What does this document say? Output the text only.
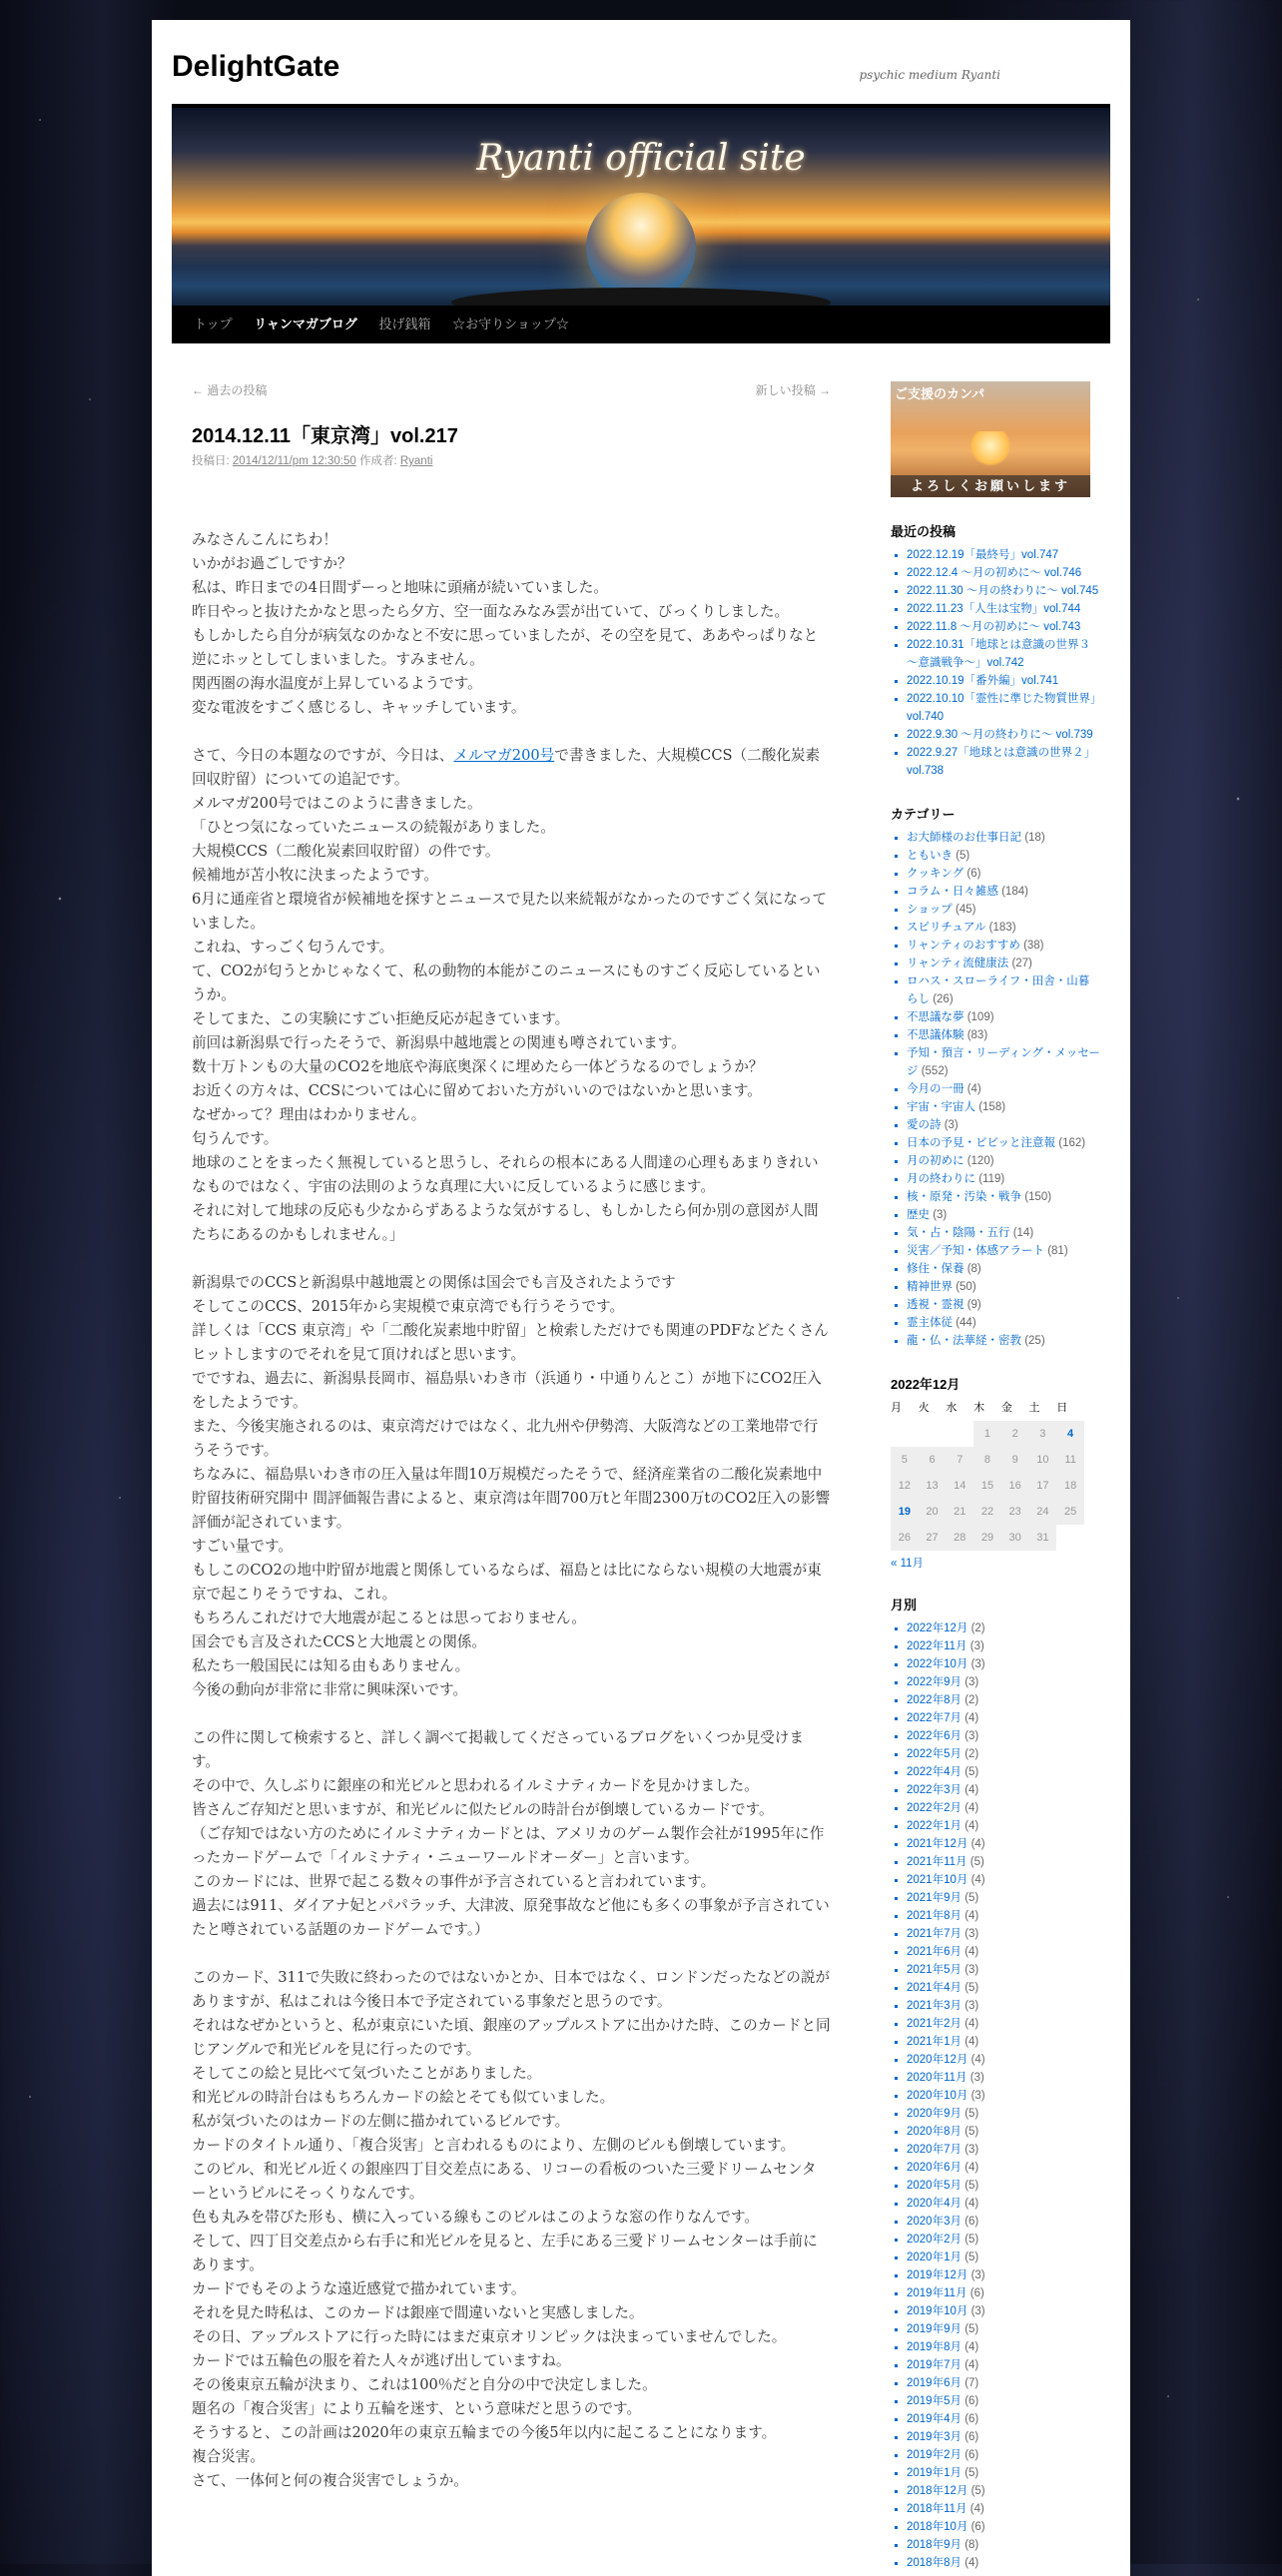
DelightGate	psychic medium Ryanti
Ryanti official site
トップ リャンマガブログ 投げ銭箱 ☆お守りショップ☆
← 過去の投稿	新しい投稿 →
2014.12.11「東京湾」vol.217
投稿日: 2014/12/11/pm 12:30:50 作成者: Ryanti

みなさんこんにちわ！
いかがお過ごしですか？
私は、昨日までの4日間ずーっと地味に頭痛が続いていました。
昨日やっと抜けたかなと思ったら夕方、空一面なみなみ雲が出ていて、びっくりしました。
もしかしたら自分が病気なのかなと不安に思っていましたが、その空を見て、ああやっぱりなと逆にホッとしてしまいました。すみません。
関西圏の海水温度が上昇しているようです。
変な電波をすごく感じるし、キャッチしています。

さて、今日の本題なのですが、今日は、メルマガ200号で書きました、大規模CCS（二酸化炭素回収貯留）についての追記です。
メルマガ200号ではこのように書きました。
「ひとつ気になっていたニュースの続報がありました。
大規模CCS（二酸化炭素回収貯留）の件です。
候補地が苫小牧に決まったようです。
6月に通産省と環境省が候補地を探すとニュースで見た以来続報がなかったのですごく気になっていました。
これね、すっごく匂うんです。
て、CO2が匂うとかじゃなくて、私の動物的本能がこのニュースにものすごく反応しているというか。
そしてまた、この実験にすごい拒絶反応が起きています。
前回は新潟県で行ったそうで、新潟県中越地震との関連も噂されています。
数十万トンもの大量のCO2を地底や海底奥深くに埋めたら一体どうなるのでしょうか？
お近くの方々は、CCSについては心に留めておいた方がいいのではないかと思います。
なぜかって？理由はわかりません。
匂うんです。
地球のことをまったく無視していると思うし、それらの根本にある人間達の心理もあまりきれいなものではなく、宇宙の法則のような真理に大いに反しているように感じます。
それに対して地球の反応も少なからずあるような気がするし、もしかしたら何か別の意図が人間たちにあるのかもしれません。」

新潟県でのCCSと新潟県中越地震との関係は国会でも言及されたようです
そしてこのCCS、2015年から実規模で東京湾でも行うそうです。
詳しくは「CCS 東京湾」や「二酸化炭素地中貯留」と検索しただけでも関連のPDFなどたくさんヒットしますのでそれを見て頂ければと思います。
でですね、過去に、新潟県長岡市、福島県いわき市（浜通り・中通りんとこ）が地下にCO2圧入をしたようです。
また、今後実施されるのは、東京湾だけではなく、北九州や伊勢湾、大阪湾などの工業地帯で行うそうです。
ちなみに、福島県いわき市の圧入量は年間10万規模だったそうで、経済産業省の二酸化炭素地中貯留技術研究開中 間評価報告書によると、東京湾は年間700万tと年間2300万tのCO2圧入の影響評価が記されています。
すごい量です。
もしこのCO2の地中貯留が地震と関係しているならば、福島とは比にならない規模の大地震が東京で起こりそうですね、これ。
もちろんこれだけで大地震が起こるとは思っておりません。
国会でも言及されたCCSと大地震との関係。
私たち一般国民には知る由もありません。
今後の動向が非常に非常に興味深いです。

この件に関して検索すると、詳しく調べて掲載してくださっているブログをいくつか見受けます。
その中で、久しぶりに銀座の和光ビルと思われるイルミナティカードを見かけました。
皆さんご存知だと思いますが、和光ビルに似たビルの時計台が倒壊しているカードです。
（ご存知ではない方のためにイルミナティカードとは、アメリカのゲーム製作会社が1995年に作ったカードゲームで「イルミナティ・ニューワールドオーダー」と言います。
このカードには、世界で起こる数々の事件が予言されていると言われています。
過去には911、ダイアナ妃とパパラッチ、大津波、原発事故など他にも多くの事象が予言されていたと噂されている話題のカードゲームです。）

このカード、311で失敗に終わったのではないかとか、日本ではなく、ロンドンだったなどの説がありますが、私はこれは今後日本で予定されている事象だと思うのです。
それはなぜかというと、私が東京にいた頃、銀座のアップルストアに出かけた時、このカードと同じアングルで和光ビルを見に行ったのです。
そしてこの絵と見比べて気づいたことがありました。
和光ビルの時計台はもちろんカードの絵とそても似ていました。
私が気づいたのはカードの左側に描かれているビルです。
カードのタイトル通り、「複合災害」と言われるものにより、左側のビルも倒壊しています。
このビル、和光ビル近くの銀座四丁目交差点にある、リコーの看板のついた三愛ドリームセンターというビルにそっくりなんです。
色も丸みを帯びた形も、横に入っている線もこのビルはこのような窓の作りなんです。
そして、四丁目交差点から右手に和光ビルを見ると、左手にある三愛ドリームセンターは手前にあります。
カードでもそのような遠近感覚で描かれています。
それを見た時私は、このカードは銀座で間違いないと実感しました。
その日、アップルストアに行った時にはまだ東京オリンピックは決まっていませんでした。
カードでは五輪色の服を着た人々が逃げ出していますね。
その後東京五輪が決まり、これは100％だと自分の中で決定しました。
題名の「複合災害」により五輪を迷す、という意味だと思うのです。
そうすると、この計画は2020年の東京五輪までの今後5年以内に起こることになります。
複合災害。
さて、一体何と何の複合災害でしょうか。

ご支援のカンパ
よろしくお願いします
最近の投稿
▪ 2022.12.19「最終号」vol.747
▪ 2022.12.4 ～月の初めに～ vol.746
▪ 2022.11.30 ～月の終わりに～ vol.745
▪ 2022.11.23「人生は宝物」vol.744
▪ 2022.11.8 ～月の初めに～ vol.743
▪ 2022.10.31「地球とは意識の世界３～意識戦争～」vol.742
▪ 2022.10.19「番外編」vol.741
▪ 2022.10.10「霊性に準じた物質世界」vol.740
▪ 2022.9.30 ～月の終わりに～ vol.739
▪ 2022.9.27「地球とは意識の世界２」vol.738
カテゴリー
▪ お大師様のお仕事日記 (18)
▪ ともいき (5)
▪ クッキング (6)
▪ コラム・日々雑感 (184)
▪ ショップ (45)
▪ スピリチュアル (183)
▪ リャンティのおすすめ (38)
▪ リャンティ流健康法 (27)
▪ ロハス・スローライフ・田舎・山暮らし (26)
▪ 不思議な夢 (109)
▪ 不思議体験 (83)
▪ 予知・預言・リーディング・メッセージ (552)
▪ 今月の一冊 (4)
▪ 宇宙・宇宙人 (158)
▪ 愛の詩 (3)
▪ 日本の予見・ビビッと注意報 (162)
▪ 月の初めに (120)
▪ 月の終わりに (119)
▪ 核・原発・汚染・戦争 (150)
▪ 歴史 (3)
▪ 気・占・陰陽・五行 (14)
▪ 災害／予知・体感アラート (81)
▪ 修住・保養 (8)
▪ 精神世界 (50)
▪ 透視・霊視 (9)
▪ 霊主体従 (44)
▪ 龍・仏・法華経・密教 (25)
2022年12月
月	火	水	木	金	土	日
			1	2	3	4
5	6	7	8	9	10	11
12	13	14	15	16	17	18
19	20	21	22	23	24	25
26	27	28	29	30	31	
« 11月
月別
▪ 2022年12月 (2)
▪ 2022年11月 (3)
▪ 2022年10月 (3)
▪ 2022年9月 (3)
▪ 2022年8月 (2)
▪ 2022年7月 (4)
▪ 2022年6月 (3)
▪ 2022年5月 (2)
▪ 2022年4月 (5)
▪ 2022年3月 (4)
▪ 2022年2月 (4)
▪ 2022年1月 (4)
▪ 2021年12月 (4)
▪ 2021年11月 (5)
▪ 2021年10月 (4)
▪ 2021年9月 (5)
▪ 2021年8月 (4)
▪ 2021年7月 (3)
▪ 2021年6月 (4)
▪ 2021年5月 (3)
▪ 2021年4月 (5)
▪ 2021年3月 (3)
▪ 2021年2月 (4)
▪ 2021年1月 (4)
▪ 2020年12月 (4)
▪ 2020年11月 (3)
▪ 2020年10月 (3)
▪ 2020年9月 (5)
▪ 2020年8月 (5)
▪ 2020年7月 (3)
▪ 2020年6月 (4)
▪ 2020年5月 (5)
▪ 2020年4月 (4)
▪ 2020年3月 (6)
▪ 2020年2月 (5)
▪ 2020年1月 (5)
▪ 2019年12月 (3)
▪ 2019年11月 (6)
▪ 2019年10月 (3)
▪ 2019年9月 (5)
▪ 2019年8月 (4)
▪ 2019年7月 (4)
▪ 2019年6月 (7)
▪ 2019年5月 (6)
▪ 2019年4月 (6)
▪ 2019年3月 (6)
▪ 2019年2月 (6)
▪ 2019年1月 (5)
▪ 2018年12月 (5)
▪ 2018年11月 (4)
▪ 2018年10月 (6)
▪ 2018年9月 (8)
▪ 2018年8月 (4)
